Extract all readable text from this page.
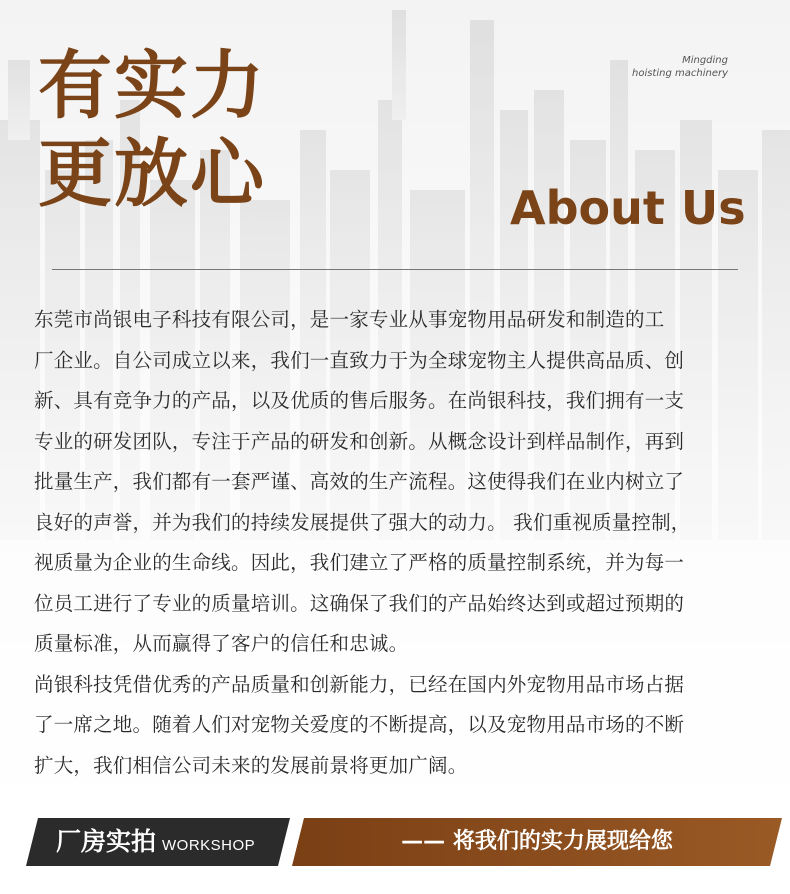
有实力
更放心
Mingding
hoisting machinery
About Us
东莞市尚银电子科技有限公司，是一家专业从事宠物用品研发和制造的工
厂企业。自公司成立以来，我们一直致力于为全球宠物主人提供高品质、创
新、具有竞争力的产品，以及优质的售后服务。在尚银科技，我们拥有一支
专业的研发团队，专注于产品的研发和创新。从概念设计到样品制作，再到
批量生产，我们都有一套严谨、高效的生产流程。这使得我们在业内树立了
良好的声誉，并为我们的持续发展提供了强大的动力。 我们重视质量控制，
视质量为企业的生命线。因此，我们建立了严格的质量控制系统，并为每一
位员工进行了专业的质量培训。这确保了我们的产品始终达到或超过预期的
质量标准，从而赢得了客户的信任和忠诚。
尚银科技凭借优秀的产品质量和创新能力，已经在国内外宠物用品市场占据
了一席之地。随着人们对宠物关爱度的不断提高，以及宠物用品市场的不断
扩大，我们相信公司未来的发展前景将更加广阔。
厂房实拍 WORKSHOP	—— 将我们的实力展现给您
